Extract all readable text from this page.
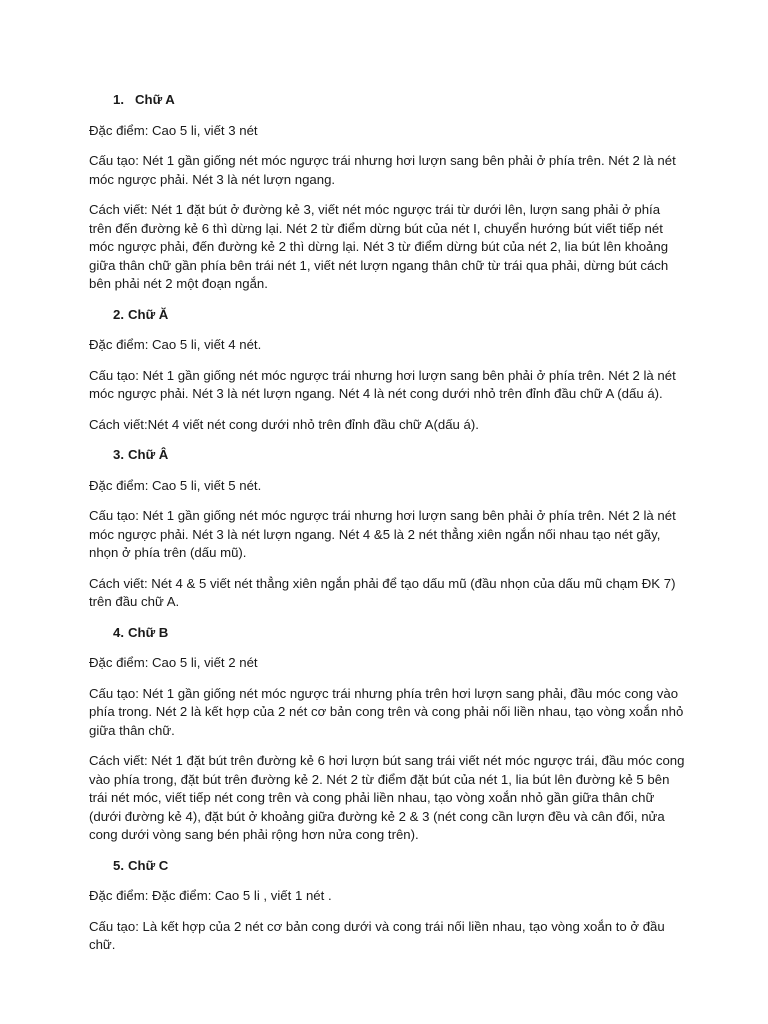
1. Chữ A

Đặc điểm: Cao 5 li, viết 3 nét

Cấu tạo: Nét 1 gần giống nét móc ngược trái nhưng hơi lượn sang bên phải ở phía trên. Nét 2 là nét móc ngược phải. Nét 3 là nét lượn ngang.

Cách viết: Nét 1 đặt bút ở đường kẻ 3, viết nét móc ngược trái từ dưới lên, lượn sang phải ở phía trên đến đường kẻ 6 thì dừng lại. Nét 2 từ điểm dừng bút của nét I, chuyển hướng bút viết tiếp nét móc ngược phải, đến đường kẻ 2 thì dừng lại. Nét 3 từ điểm dừng bút của nét 2, lia bút lên khoảng giữa thân chữ gần phía bên trái nét 1, viết nét lượn ngang thân chữ từ trái qua phải, dừng bút cách bên phải nét 2 một đoạn ngắn.

2. Chữ Ă

Đặc điểm: Cao 5 li, viết 4 nét.

Cấu tạo: Nét 1 gần giống nét móc ngược trái nhưng hơi lượn sang bên phải ở phía trên. Nét 2 là nét móc ngược phải. Nét 3 là nét lượn ngang. Nét 4 là nét cong dưới nhỏ trên đỉnh đầu chữ A (dấu á).

Cách viết:Nét 4 viết nét cong dưới nhỏ trên đỉnh đầu chữ A(dấu á).

3. Chữ Â

Đặc điểm: Cao 5 li, viết 5 nét.

Cấu tạo: Nét 1 gần giống nét móc ngược trái nhưng hơi lượn sang bên phải ở phía trên. Nét 2 là nét móc ngược phải. Nét 3 là nét lượn ngang. Nét 4 &5 là 2 nét thẳng xiên ngắn nối nhau tạo nét gãy, nhọn ở phía trên (dấu mũ).

Cách viết: Nét 4 & 5 viết nét thẳng xiên ngắn phải để tạo dấu mũ (đầu nhọn của dấu mũ chạm ĐK 7) trên đầu chữ A.

4. Chữ B

Đặc điểm: Cao 5 li, viết 2 nét

Cấu tạo: Nét 1 gần giống nét móc ngược trái nhưng phía trên hơi lượn sang phải, đầu móc cong vào phía trong. Nét 2 là kết hợp của 2 nét cơ bản cong trên và cong phải nối liền nhau, tạo vòng xoắn nhỏ giữa thân chữ.

Cách viết: Nét 1 đặt bút trên đường kẻ 6 hơi lượn bút sang trái viết nét móc ngược trái, đầu móc cong vào phía trong, đặt bút trên đường kẻ 2. Nét 2 từ điểm đặt bút của nét 1, lia bút lên đường kẻ 5 bên trái nét móc, viết tiếp nét cong trên và cong phải liền nhau, tạo vòng xoắn nhỏ gần giữa thân chữ (dưới đường kẻ 4), đặt bút ở khoảng giữa đường kẻ 2 & 3 (nét cong cần lượn đều và cân đối, nửa cong dưới vòng sang bén phải rộng hơn nửa cong trên).

5. Chữ C

Đặc điểm: Đặc điểm: Cao 5 li , viết 1 nét .

Cấu tạo: Là kết hợp của 2 nét cơ bản cong dưới và cong trái nối liền nhau, tạo vòng xoắn to ở đầu chữ.
